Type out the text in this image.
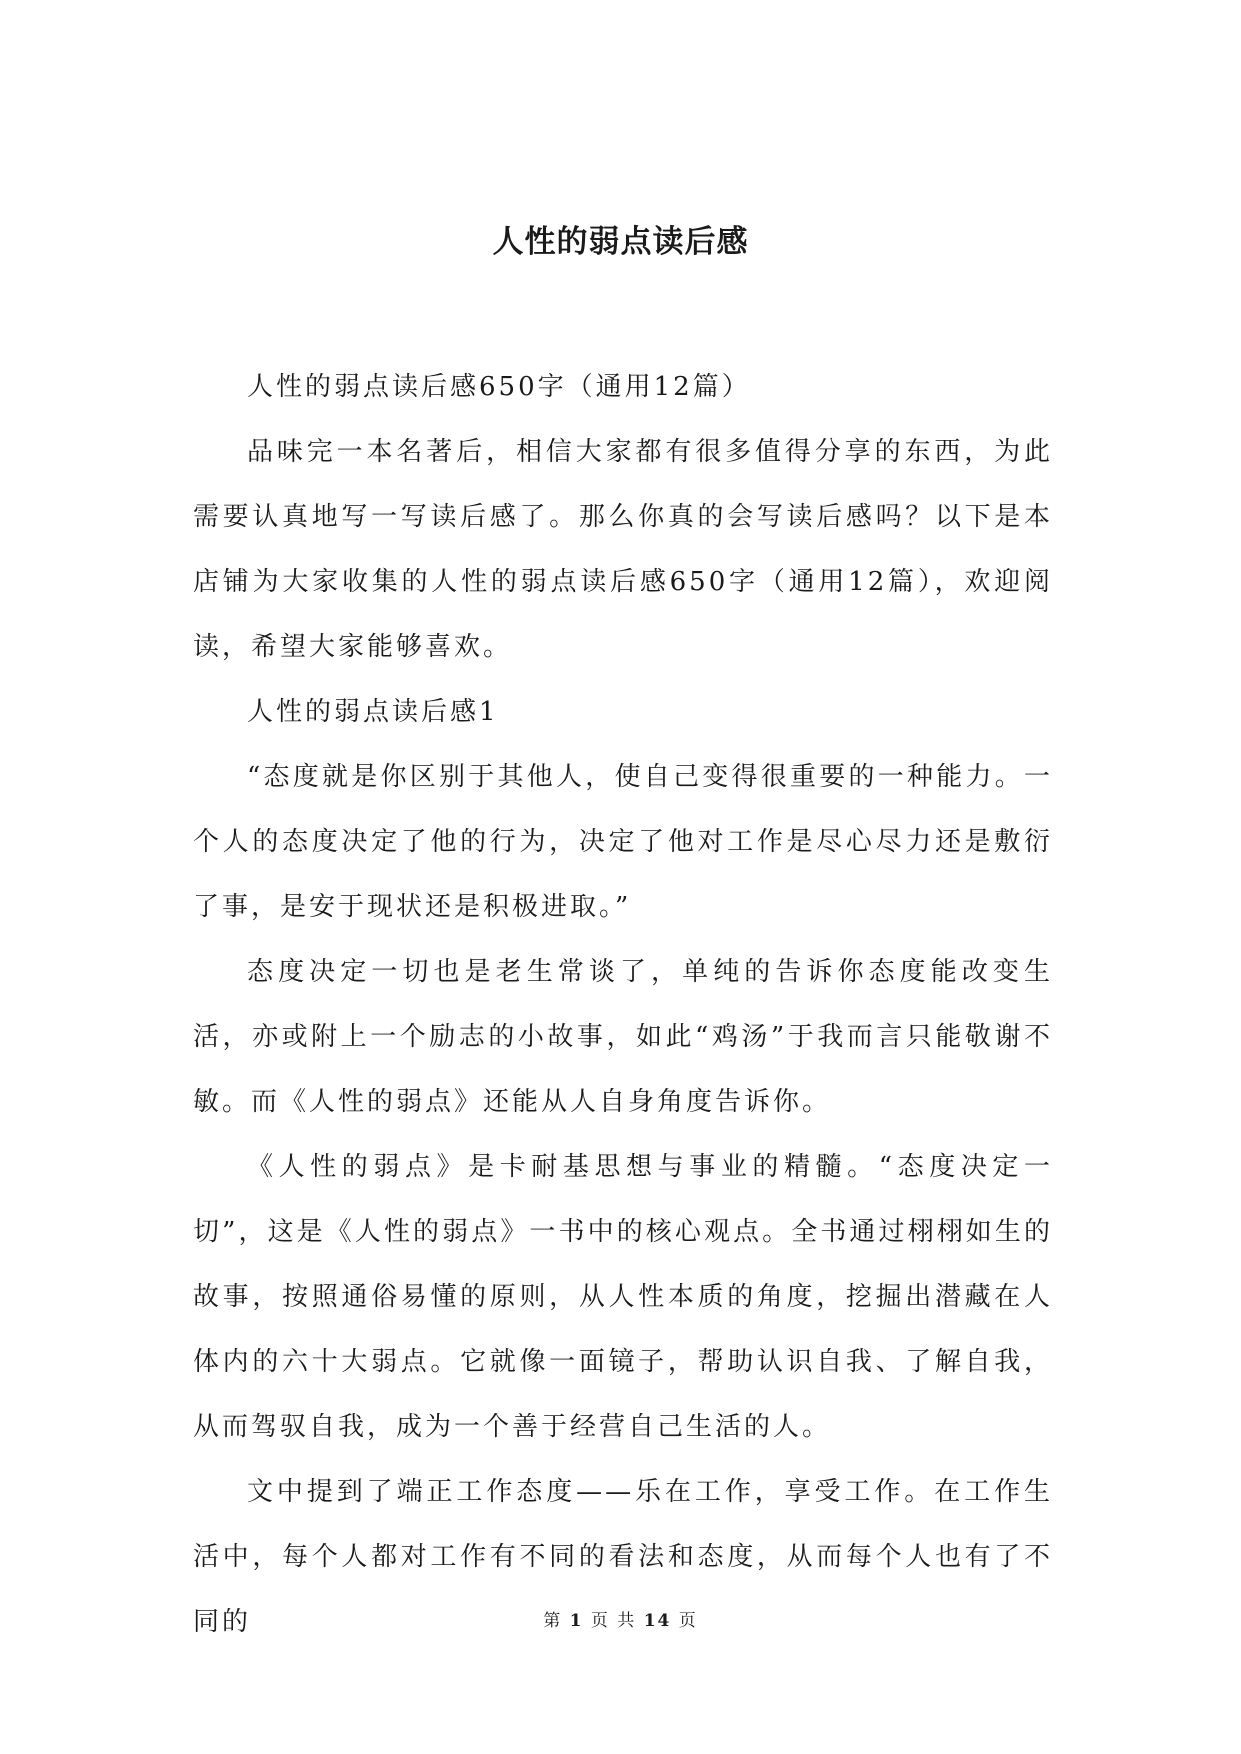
人性的弱点读后感

人性的弱点读后感650字（通用12篇）

品味完一本名著后，相信大家都有很多值得分享的东西，为此需要认真地写一写读后感了。那么你真的会写读后感吗？以下是本店铺为大家收集的人性的弱点读后感650字（通用12篇），欢迎阅读，希望大家能够喜欢。

人性的弱点读后感1

“态度就是你区别于其他人，使自己变得很重要的一种能力。一个人的态度决定了他的行为，决定了他对工作是尽心尽力还是敷衍了事，是安于现状还是积极进取。”

态度决定一切也是老生常谈了，单纯的告诉你态度能改变生活，亦或附上一个励志的小故事，如此“鸡汤”于我而言只能敬谢不敏。而《人性的弱点》还能从人自身角度告诉你。

《人性的弱点》是卡耐基思想与事业的精髓。“态度决定一切”，这是《人性的弱点》一书中的核心观点。全书通过栩栩如生的故事，按照通俗易懂的原则，从人性本质的角度，挖掘出潜藏在人体内的六十大弱点。它就像一面镜子，帮助认识自我、了解自我，从而驾驭自我，成为一个善于经营自己生活的人。

文中提到了端正工作态度——乐在工作，享受工作。在工作生活中，每个人都对工作有不同的看法和态度，从而每个人也有了不同的	第 1 页 共 14 页
